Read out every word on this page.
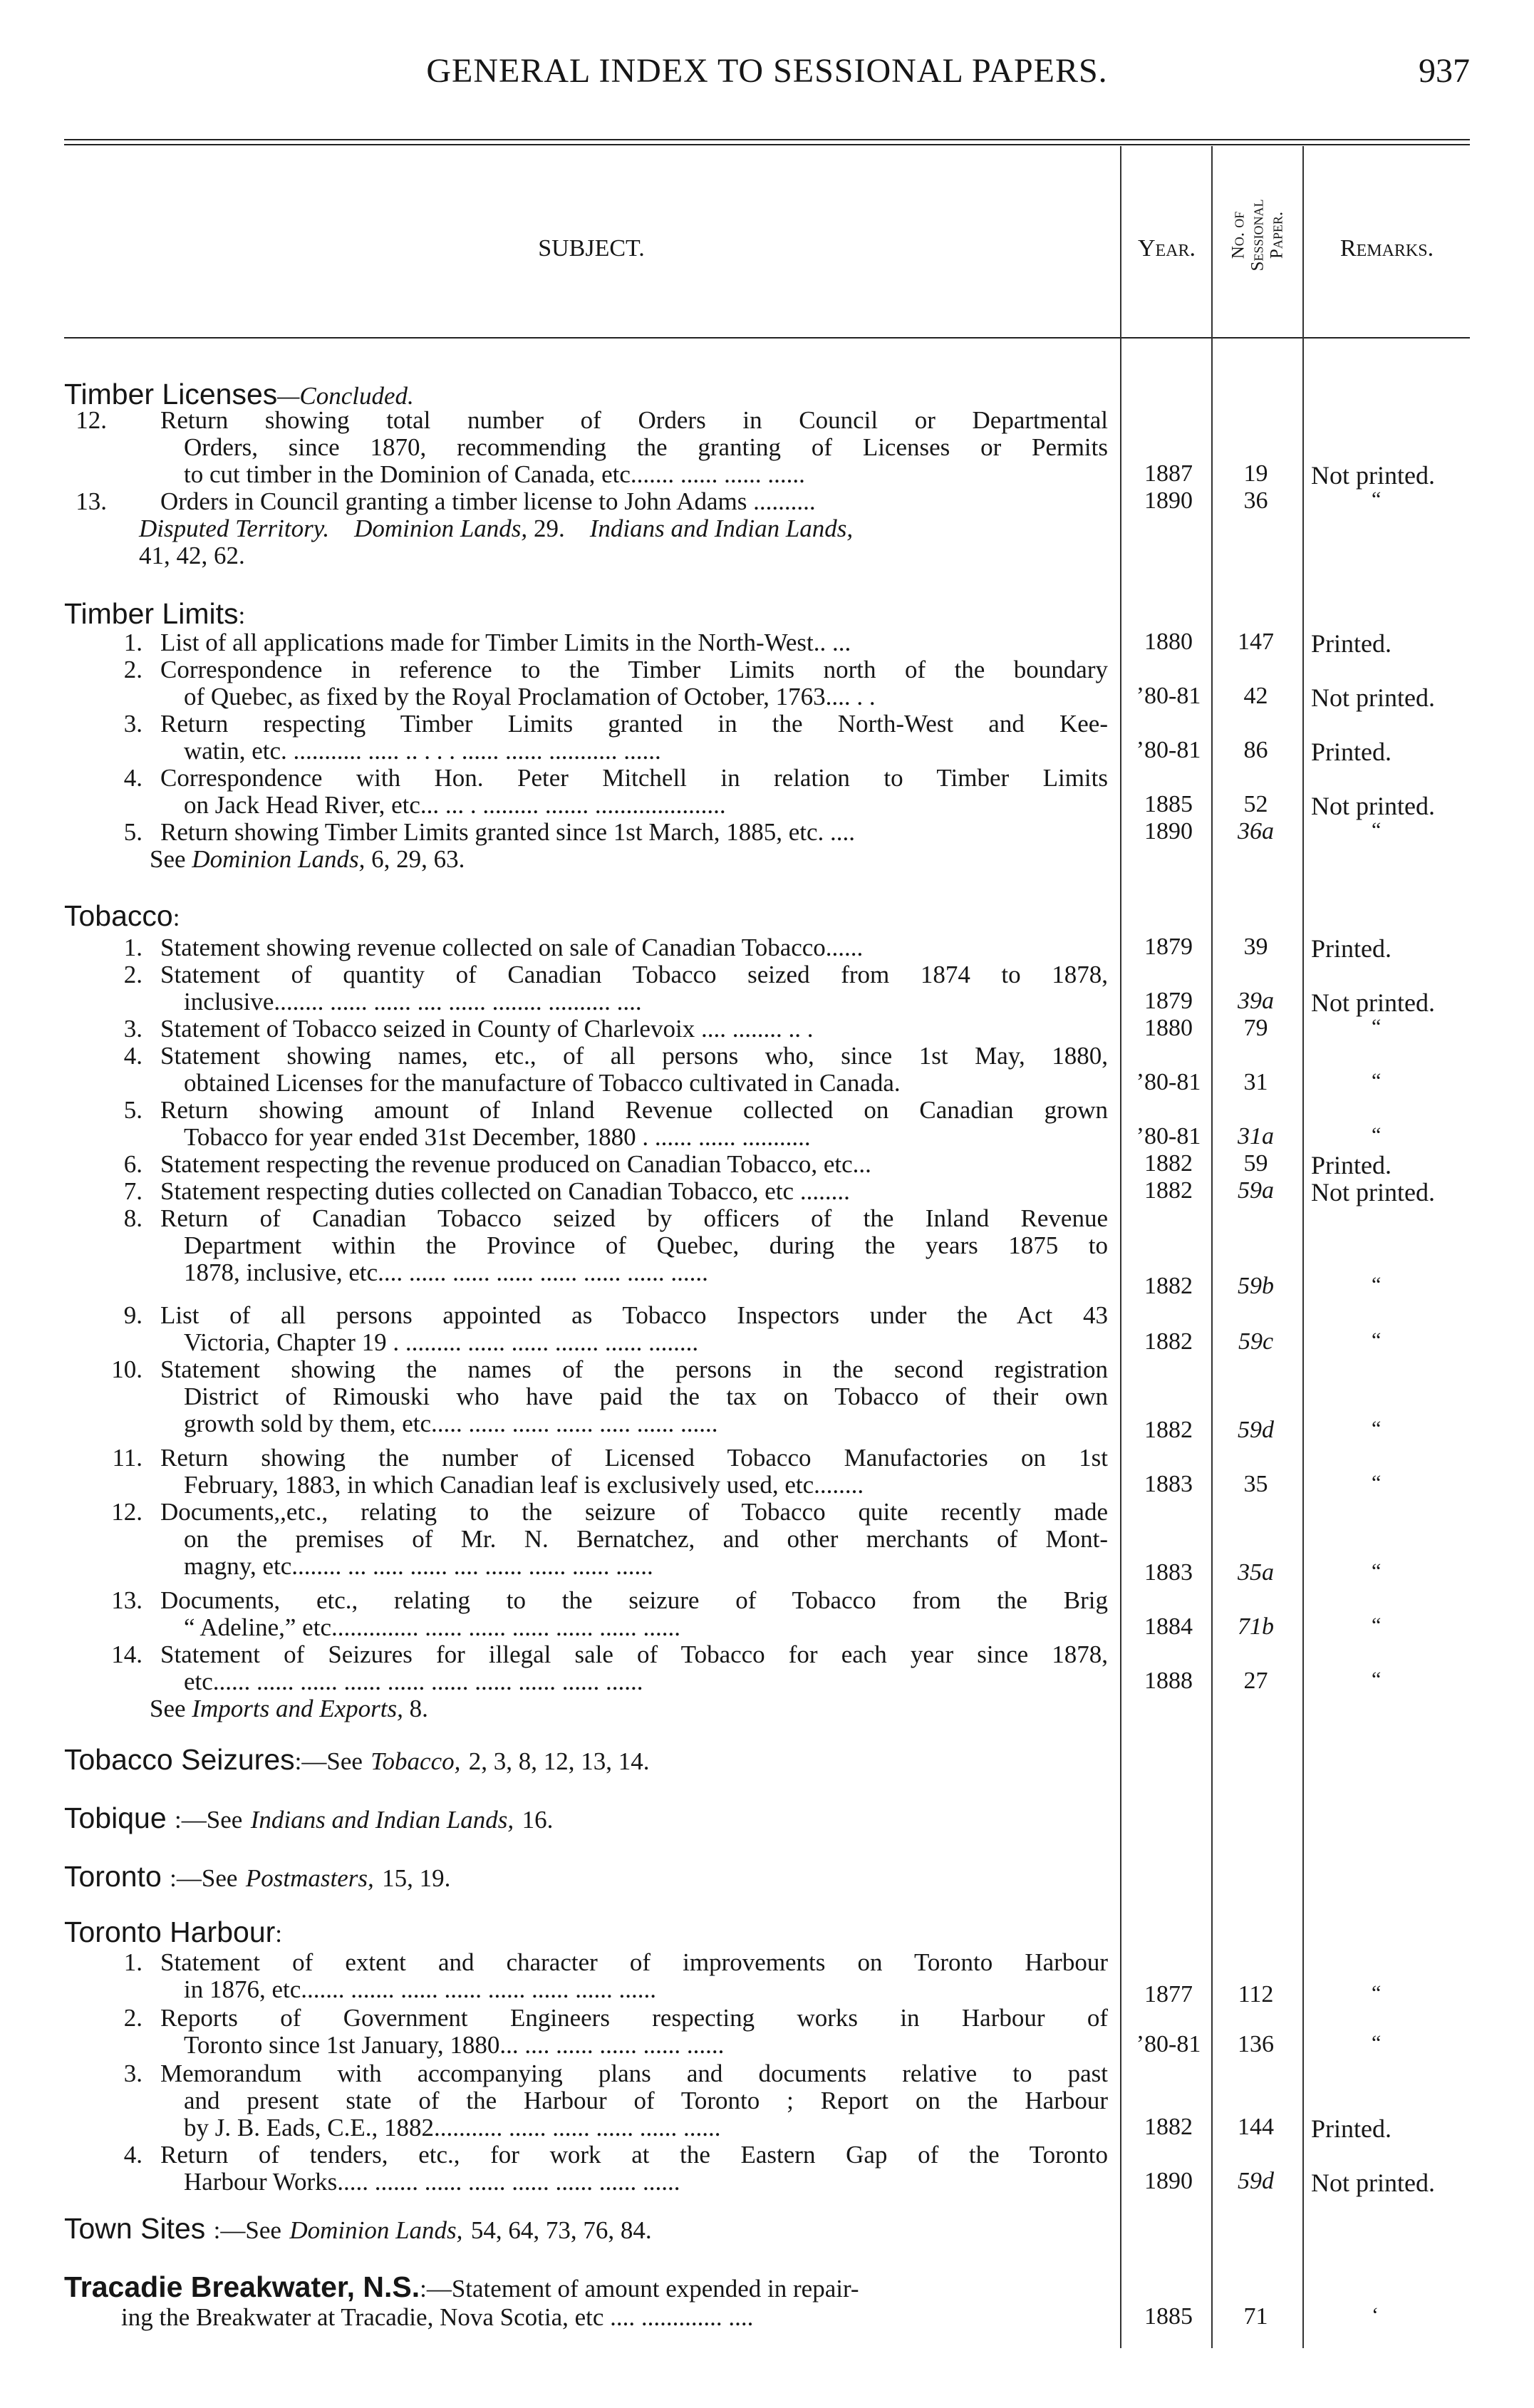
GENERAL INDEX TO SESSIONAL PAPERS.	937
SUBJECT.	Year.	No. of Sessional Paper.	Remarks.
Timber Licenses—Concluded.
12. Return showing total number of Orders in Council or Departmental
Orders, since 1870, recommending the granting of Licenses or Permits
to cut timber in the Dominion of Canada, etc....... ...... ...... ......	1887	19	Not printed.
13. Orders in Council granting a timber license to John Adams ..........	1890	36	“
Disputed Territory. Dominion Lands, 29. Indians and Indian Lands,
41, 42, 62.
Timber Limits:
1. List of all applications made for Timber Limits in the North-West.. ...	1880	147	Printed.
2. Correspondence in reference to the Timber Limits north of the boundary
of Quebec, as fixed by the Royal Proclamation of October, 1763.... . .	’80-81	42	Not printed.
3. Return respecting Timber Limits granted in the North-West and Kee-
watin, etc. ........... ..... .. . . . ...... ...... ........... ......	’80-81	86	Printed.
4. Correspondence with Hon. Peter Mitchell in relation to Timber Limits
on Jack Head River, etc... ... . ......... ....... .....................	1885	52	Not printed.
5. Return showing Timber Limits granted since 1st March, 1885, etc. ....	1890	36a	“
See Dominion Lands, 6, 29, 63.
Tobacco:
1. Statement showing revenue collected on sale of Canadian Tobacco......	1879	39	Printed.
2. Statement of quantity of Canadian Tobacco seized from 1874 to 1878,
inclusive........ ...... ...... .... ...... ........ .......... ....	1879	39a	Not printed.
3. Statement of Tobacco seized in County of Charlevoix .... ........ .. .	1880	79	“
4. Statement showing names, etc., of all persons who, since 1st May, 1880,
obtained Licenses for the manufacture of Tobacco cultivated in Canada.	’80-81	31	“
5. Return showing amount of Inland Revenue collected on Canadian grown
Tobacco for year ended 31st December, 1880 . ...... ...... ...........	’80-81	31a	“
6. Statement respecting the revenue produced on Canadian Tobacco, etc...	1882	59	Printed.
7. Statement respecting duties collected on Canadian Tobacco, etc ........	1882	59a	Not printed.
8. Return of Canadian Tobacco seized by officers of the Inland Revenue
Department within the Province of Quebec, during the years 1875 to
1878, inclusive, etc.... ...... ...... ...... ...... ...... ...... ......	1882	59b	“
9. List of all persons appointed as Tobacco Inspectors under the Act 43
Victoria, Chapter 19 . ......... ...... ...... ....... ...... ........	1882	59c	“
10. Statement showing the names of the persons in the second registration
District of Rimouski who have paid the tax on Tobacco of their own
growth sold by them, etc..... ...... ...... ...... ..... ...... ......	1882	59d	“
11. Return showing the number of Licensed Tobacco Manufactories on 1st
February, 1883, in which Canadian leaf is exclusively used, etc........	1883	35	“
12. Documents,,etc., relating to the seizure of Tobacco quite recently made
on the premises of Mr. N. Bernatchez, and other merchants of Mont-
magny, etc........ ... ..... ...... .... ...... ...... ...... ......	1883	35a	“
13. Documents, etc., relating to the seizure of Tobacco from the Brig
“ Adeline,” etc.............. ...... ...... ...... ...... ...... ......	1884	71b	“
14. Statement of Seizures for illegal sale of Tobacco for each year since 1878,
etc...... ...... ...... ...... ...... ...... ...... ...... ...... ......	1888	27	“
See Imports and Exports, 8.
Tobacco Seizures:—See Tobacco, 2, 3, 8, 12, 13, 14.
Tobique :—See Indians and Indian Lands, 16.
Toronto :—See Postmasters, 15, 19.
Toronto Harbour:
1. Statement of extent and character of improvements on Toronto Harbour
in 1876, etc....... ....... ...... ...... ...... ...... ...... ......	1877	112	“
2. Reports of Government Engineers respecting works in Harbour of
Toronto since 1st January, 1880... .... ...... ...... ...... ......	’80-81	136	“
3. Memorandum with accompanying plans and documents relative to past
and present state of the Harbour of Toronto ; Report on the Harbour
by J. B. Eads, C.E., 1882........... ...... ...... ...... ...... ......	1882	144	Printed.
4. Return of tenders, etc., for work at the Eastern Gap of the Toronto
Harbour Works..... ....... ...... ...... ...... ...... ...... ......	1890	59d	Not printed.
Town Sites :—See Dominion Lands, 54, 64, 73, 76, 84.
Tracadie Breakwater, N.S.:—Statement of amount expended in repair-
ing the Breakwater at Tracadie, Nova Scotia, etc .... ............. ....	1885	71	‘
